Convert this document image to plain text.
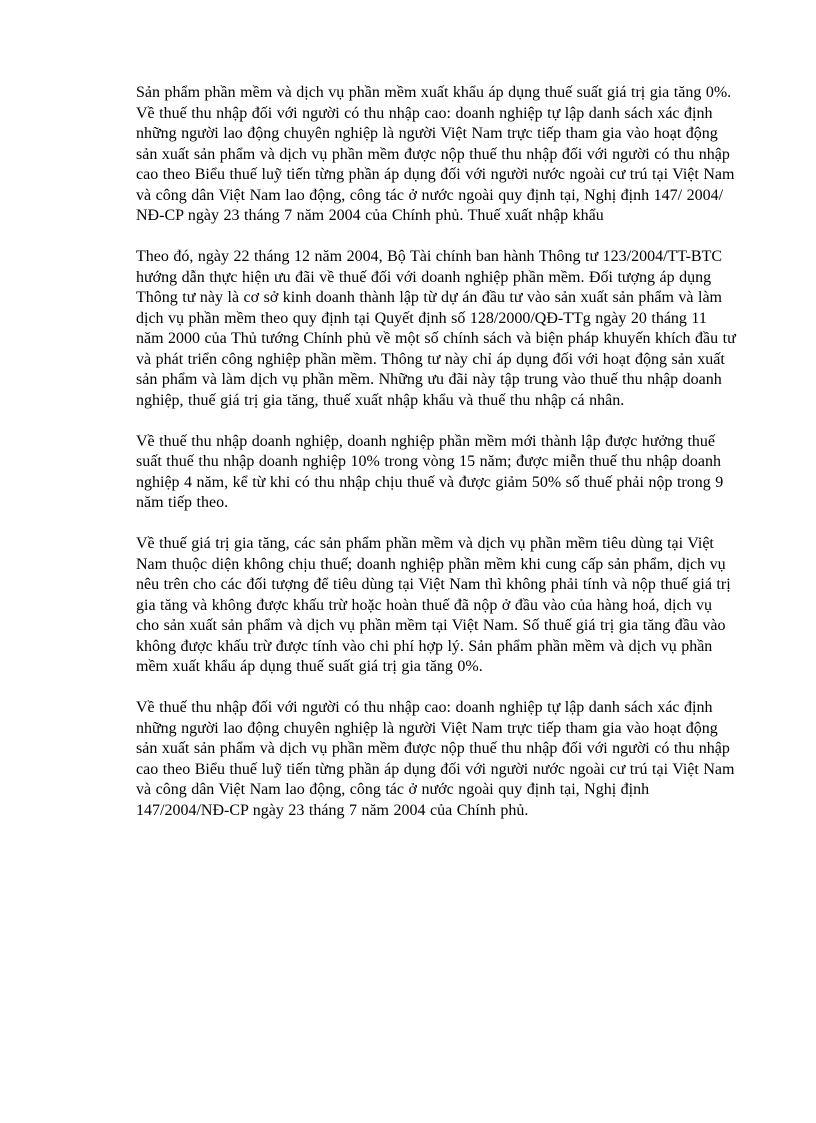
Sản phẩm phần mềm và dịch vụ phần mềm xuất khẩu áp dụng thuế suất giá trị gia tăng 0%. Về thuế thu nhập đối với người có thu nhập cao: doanh nghiệp tự lập danh sách xác định những người lao động chuyên nghiệp là người Việt Nam trực tiếp tham gia vào hoạt động sản xuất sản phẩm và dịch vụ phần mềm được nộp thuế thu nhập đối với người có thu nhập cao theo Biểu thuế luỹ tiến từng phần áp dụng đối với người nước ngoài cư trú tại Việt Nam và công dân Việt Nam lao động, công tác ở nước ngoài quy định tại, Nghị định 147/ 2004/ NĐ-CP ngày 23 tháng 7 năm 2004 của Chính phủ. Thuế xuất nhập khẩu

Theo đó, ngày 22 tháng 12 năm 2004, Bộ Tài chính ban hành Thông tư 123/2004/TT-BTC hướng dẫn thực hiện ưu đãi về thuế đối với doanh nghiệp phần mềm. Đối tượng áp dụng Thông tư này là cơ sở kinh doanh thành lập từ dự án đầu tư vào sản xuất sản phẩm và làm dịch vụ phần mềm theo quy định tại Quyết định số 128/2000/QĐ-TTg ngày 20 tháng 11 năm 2000 của Thủ tướng Chính phủ về một số chính sách và biện pháp khuyến khích đầu tư và phát triển công nghiệp phần mềm. Thông tư này chỉ áp dụng đối với hoạt động sản xuất sản phẩm và làm dịch vụ phần mềm. Những ưu đãi này tập trung vào thuế thu nhập doanh nghiệp, thuế giá trị gia tăng, thuế xuất nhập khẩu và thuế thu nhập cá nhân.

Về thuế thu nhập doanh nghiệp, doanh nghiệp phần mềm mới thành lập được hưởng thuế suất thuế thu nhập doanh nghiệp 10% trong vòng 15 năm; được miễn thuế thu nhập doanh nghiệp 4 năm, kể từ khi có thu nhập chịu thuế và được giảm 50% số thuế phải nộp trong 9 năm tiếp theo.

Về thuế giá trị gia tăng, các sản phẩm phần mềm và dịch vụ phần mềm tiêu dùng tại Việt Nam thuộc diện không chịu thuế; doanh nghiệp phần mềm khi cung cấp sản phẩm, dịch vụ nêu trên cho các đối tượng để tiêu dùng tại Việt Nam thì không phải tính và nộp thuế giá trị gia tăng và không được khấu trừ hoặc hoàn thuế đã nộp ở đầu vào của hàng hoá, dịch vụ cho sản xuất sản phẩm và dịch vụ phần mềm tại Việt Nam. Số thuế giá trị gia tăng đầu vào không được khấu trừ được tính vào chi phí hợp lý. Sản phẩm phần mềm và dịch vụ phần mềm xuất khẩu áp dụng thuế suất giá trị gia tăng 0%.

Về thuế thu nhập đối với người có thu nhập cao: doanh nghiệp tự lập danh sách xác định những người lao động chuyên nghiệp là người Việt Nam trực tiếp tham gia vào hoạt động sản xuất sản phẩm và dịch vụ phần mềm được nộp thuế thu nhập đối với người có thu nhập cao theo Biểu thuế luỹ tiến từng phần áp dụng đối với người nước ngoài cư trú tại Việt Nam và công dân Việt Nam lao động, công tác ở nước ngoài quy định tại, Nghị định 147/2004/NĐ-CP ngày 23 tháng 7 năm 2004 của Chính phủ.
